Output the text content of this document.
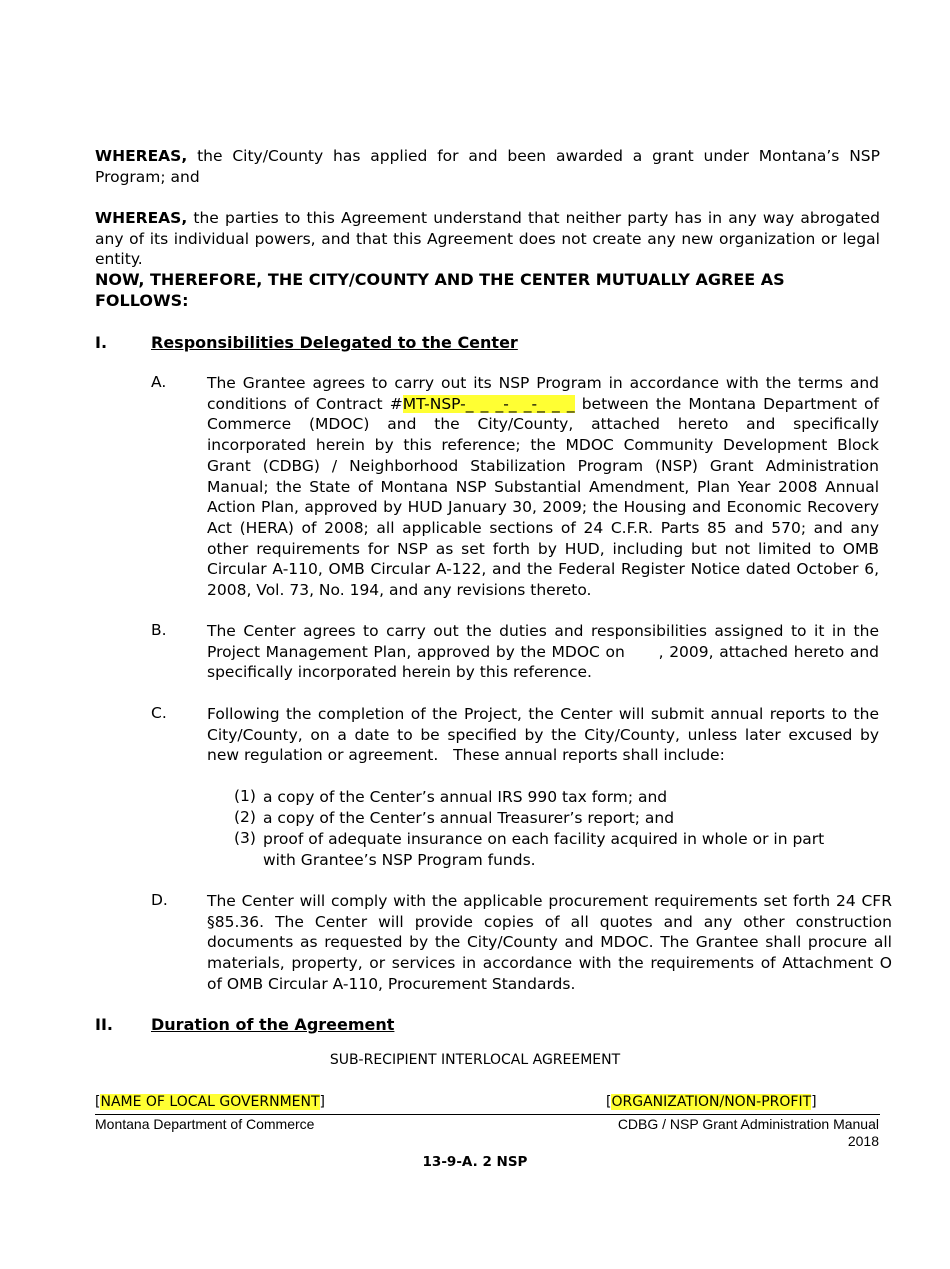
WHEREAS, the City/County has applied for and been awarded a grant under Montana’s NSP Program; and
WHEREAS, the parties to this Agreement understand that neither party has in any way abrogated any of its individual powers, and that this Agreement does not create any new organization or legal entity.
NOW, THEREFORE, THE CITY/COUNTY AND THE CENTER MUTUALLY AGREE AS FOLLOWS:
I.	Responsibilities Delegated to the Center
A.	The Grantee agrees to carry out its NSP Program in accordance with the terms and conditions of Contract #MT-NSP-_ _ _-_ _-_ _ _ between the Montana Department of Commerce (MDOC) and the City/County, attached hereto and specifically incorporated herein by this reference; the MDOC Community Development Block Grant (CDBG) / Neighborhood Stabilization Program (NSP) Grant Administration Manual; the State of Montana NSP Substantial Amendment, Plan Year 2008 Annual Action Plan, approved by HUD January 30, 2009; the Housing and Economic Recovery Act (HERA) of 2008; all applicable sections of 24 C.F.R. Parts 85 and 570; and any other requirements for NSP as set forth by HUD, including but not limited to OMB Circular A-110, OMB Circular A-122, and the Federal Register Notice dated October 6, 2008, Vol. 73, No. 194, and any revisions thereto.
B.	The Center agrees to carry out the duties and responsibilities assigned to it in the Project Management Plan, approved by the MDOC on      , 2009, attached hereto and specifically incorporated herein by this reference.
C.	Following the completion of the Project, the Center will submit annual reports to the City/County, on a date to be specified by the City/County, unless later excused by new regulation or agreement.   These annual reports shall include:
(1) a copy of the Center’s annual IRS 990 tax form; and
(2) a copy of the Center’s annual Treasurer’s report; and
(3) proof of adequate insurance on each facility acquired in whole or in part with Grantee’s NSP Program funds.
D.	The Center will comply with the applicable procurement requirements set forth 24 CFR §85.36. The Center will provide copies of all quotes and any other construction documents as requested by the City/County and MDOC. The Grantee shall procure all materials, property, or services in accordance with the requirements of Attachment O of OMB Circular A-110, Procurement Standards.
II. Duration of the Agreement
SUB-RECIPIENT INTERLOCAL AGREEMENT
[NAME OF LOCAL GOVERNMENT]	[ORGANIZATION/NON-PROFIT]
Montana Department of Commerce	CDBG / NSP Grant Administration Manual
2018
13-9-A. 2 NSP
